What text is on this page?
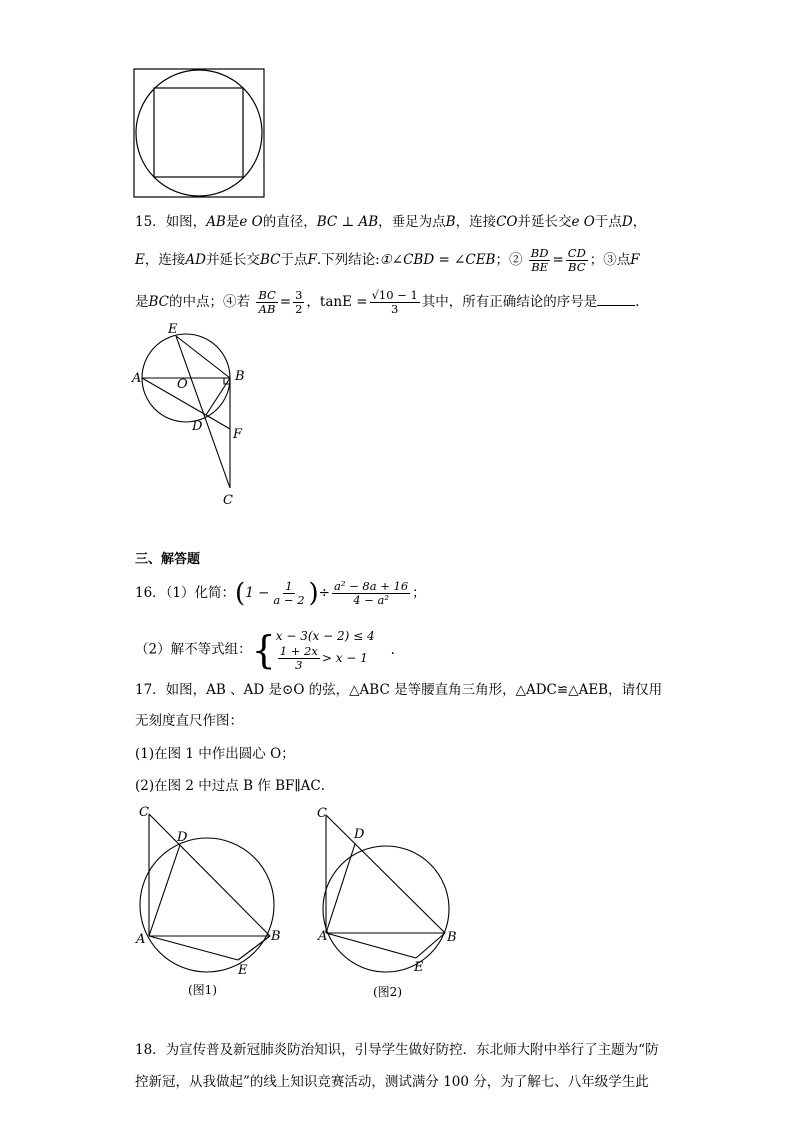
15．如图，AB是e O的直径，BC ⊥ AB，垂足为点B，连接CO并延长交e O于点D，
E，连接AD并延长交BC于点F.下列结论:①∠CBD = ∠CEB；② $\frac{BD}{BE} = \frac{CD}{BC}$ ；③点F
是BC的中点；④若 $\frac{BC}{AB} = \frac{3}{2}$ ，$\tan E = \frac{√10 - 1}{3}$ 其中，所有正确结论的序号是	.
E
A	O
B
D
F
C
三、解答题
16．（1）化简：($1 - \frac{1}{a - 2}$ )÷ $\frac{\text{a² − 8a + 16}}{\text{4 − a²}}$ ；
（2）解不等式组：{ x − 3(x − 2) ≤ 4
$\frac{1 + 2x}{3} > x - 1$
.
17．如图，AB 、AD 是⊙O 的弦，△ABC 是等腰直角三角形，△ADC≌△AEB，请仅用
无刻度直尺作图：
(1)在图 1 中作出圆心 O；
(2)在图 2 中过点 B 作 BF∥AC．
C
D
A	B
E
(图1)
C
D
A	B
E
(图2)
18．为宣传普及新冠肺炎防治知识，引导学生做好防控．东北师大附中举行了主题为“防
控新冠，从我做起”的线上知识竞赛活动，测试满分 100 分，为了解七、八年级学生此
